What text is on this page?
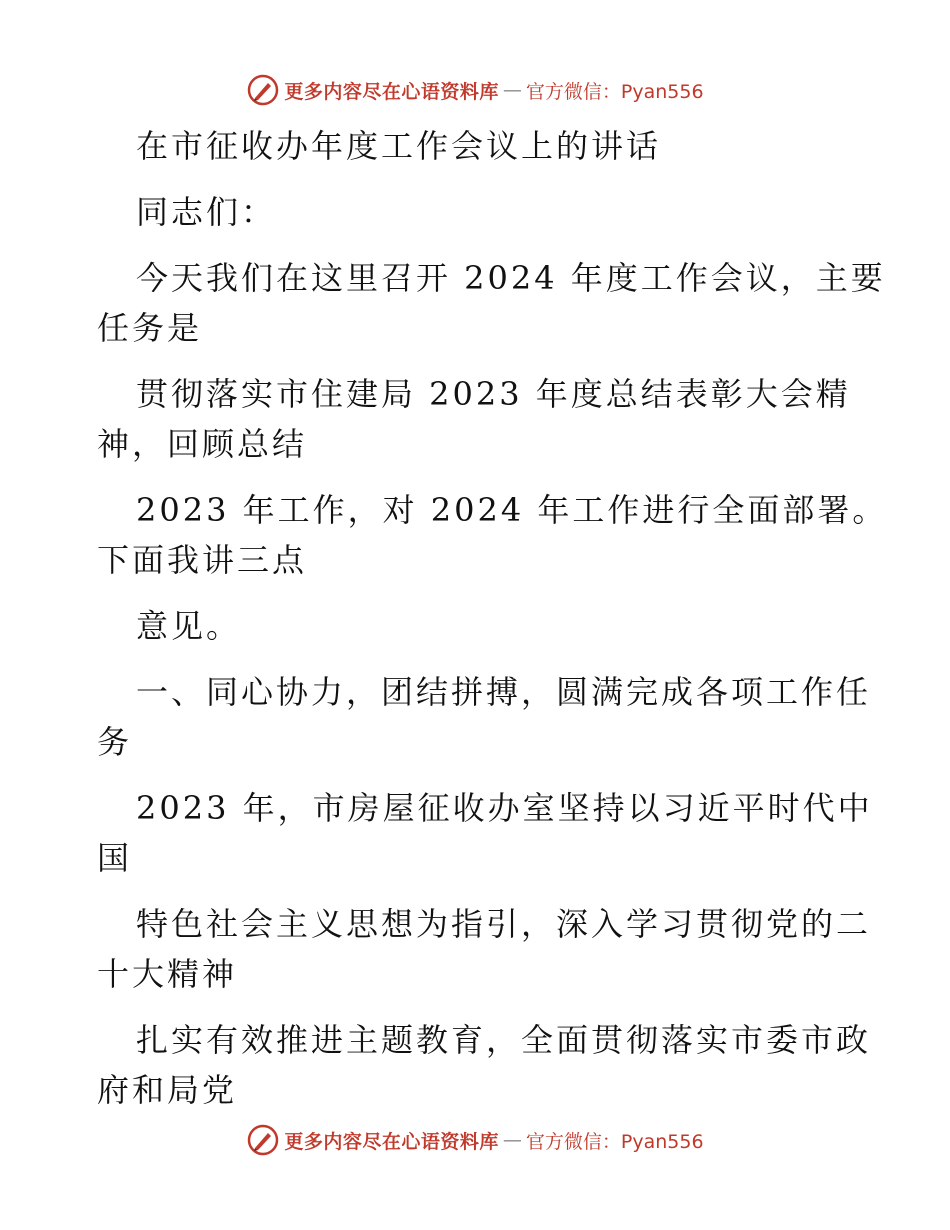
更多内容尽在心语资料库 — 官方微信：Pyan556
在市征收办年度工作会议上的讲话
同志们：
今天我们在这里召开 2024 年度工作会议，主要
任务是
贯彻落实市住建局 2023 年度总结表彰大会精
神，回顾总结
2023 年工作，对 2024 年工作进行全面部署。
下面我讲三点
意见。
一、同心协力，团结拼搏，圆满完成各项工作任
务
2023 年，市房屋征收办室坚持以习近平时代中
国
特色社会主义思想为指引，深入学习贯彻党的二
十大精神
扎实有效推进主题教育，全面贯彻落实市委市政
府和局党
更多内容尽在心语资料库 — 官方微信：Pyan556
